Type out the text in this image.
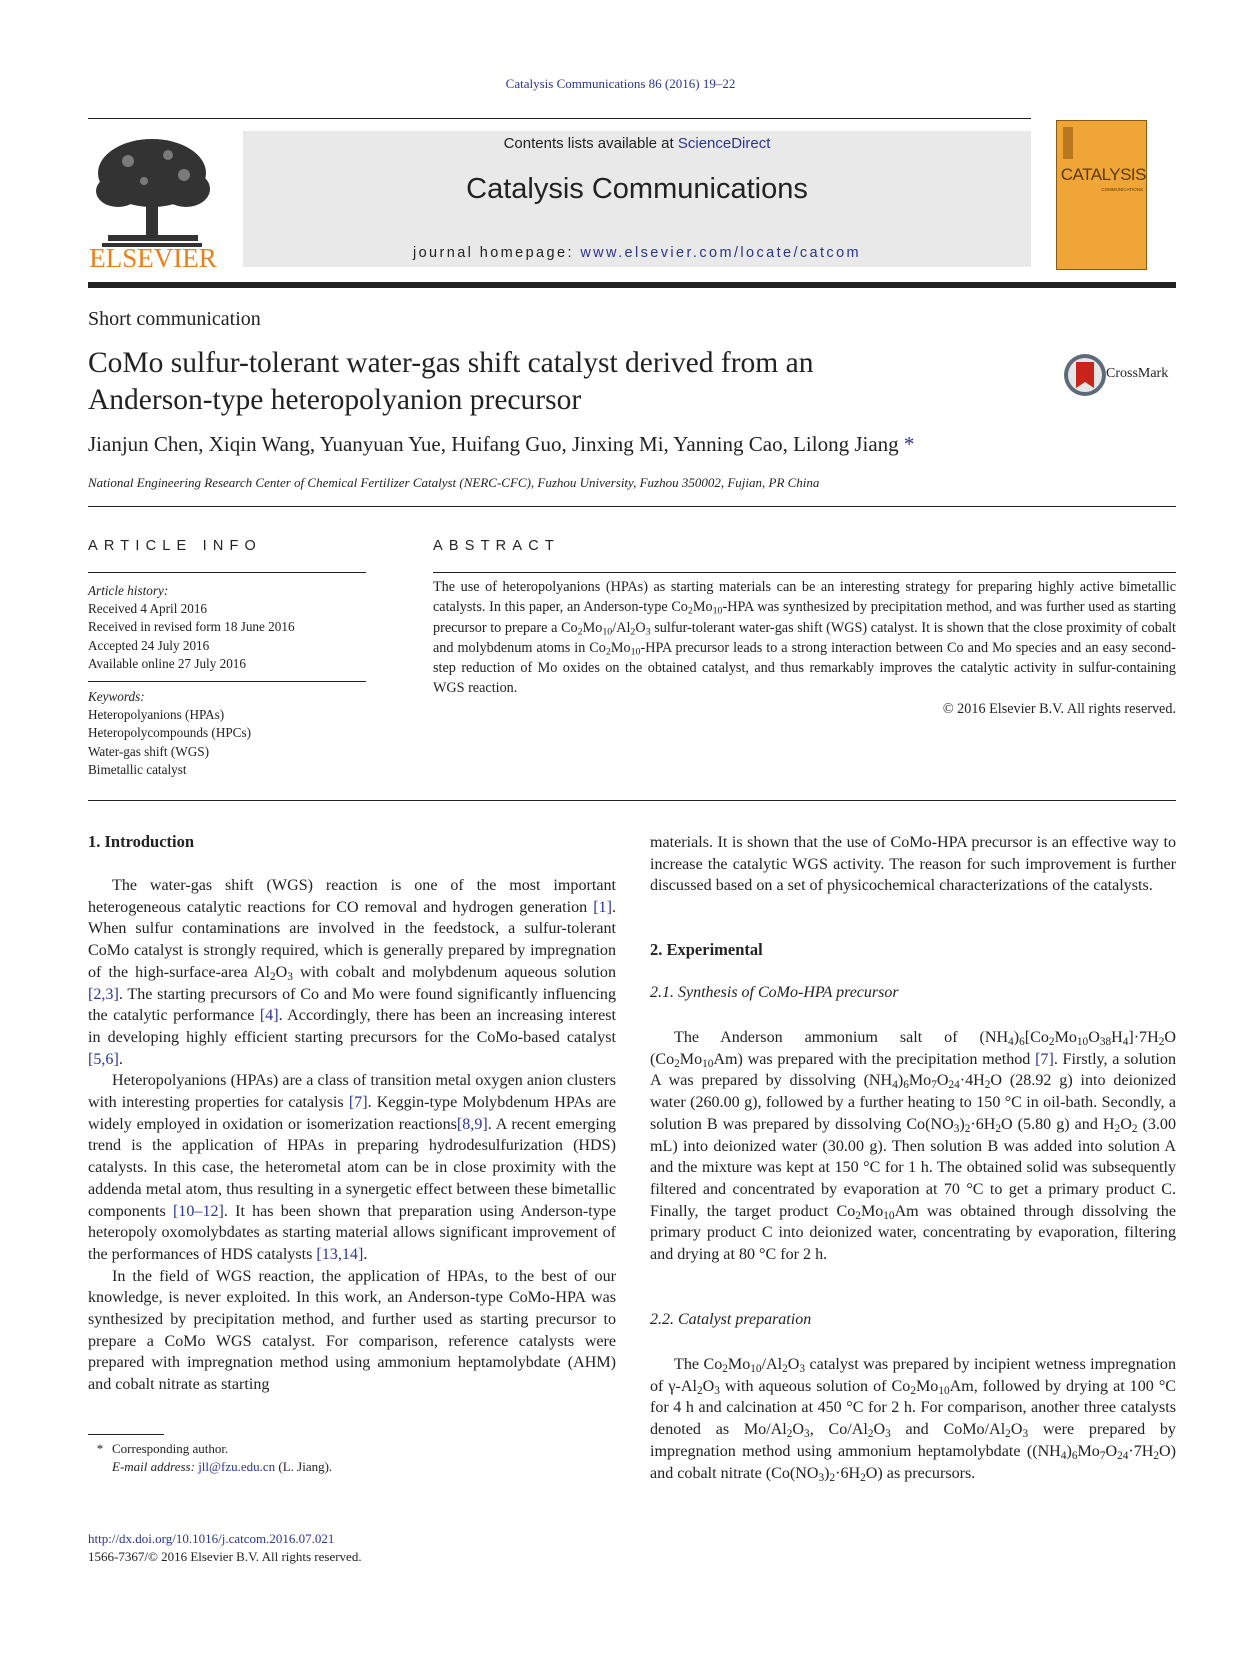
Catalysis Communications 86 (2016) 19–22
ELSEVIER
Contents lists available at ScienceDirect
Catalysis Communications
journal homepage: www.elsevier.com/locate/catcom
CATALYSIS
COMMUNICATIONS
Short communication
CoMo sulfur-tolerant water-gas shift catalyst derived from an
Anderson-type heteropolyanion precursor
CrossMark
Jianjun Chen, Xiqin Wang, Yuanyuan Yue, Huifang Guo, Jinxing Mi, Yanning Cao, Lilong Jiang *
National Engineering Research Center of Chemical Fertilizer Catalyst (NERC-CFC), Fuzhou University, Fuzhou 350002, Fujian, PR China
ARTICLE INFO
Article history:
Received 4 April 2016
Received in revised form 18 June 2016
Accepted 24 July 2016
Available online 27 July 2016
Keywords:
Heteropolyanions (HPAs)
Heteropolycompounds (HPCs)
Water-gas shift (WGS)
Bimetallic catalyst
ABSTRACT
The use of heteropolyanions (HPAs) as starting materials can be an interesting strategy for preparing highly active bimetallic catalysts. In this paper, an Anderson-type $Co_2Mo_{10}$-HPA was synthesized by precipitation method, and was further used as starting precursor to prepare a $Co_2Mo_{10}/Al_2O_3$ sulfur-tolerant water-gas shift (WGS) catalyst. It is shown that the close proximity of cobalt and molybdenum atoms in $Co_2Mo_{10}$-HPA precursor leads to a strong interaction between Co and Mo species and an easy second-step reduction of Mo oxides on the obtained catalyst, and thus remarkably improves the catalytic activity in sulfur-containing WGS reaction.
© 2016 Elsevier B.V. All rights reserved.
1. Introduction

The water-gas shift (WGS) reaction is one of the most important heterogeneous catalytic reactions for CO removal and hydrogen generation [1]. When sulfur contaminations are involved in the feedstock, a sulfur-tolerant CoMo catalyst is strongly required, which is generally prepared by impregnation of the high-surface-area $Al_2O_3$ with cobalt and molybdenum aqueous solution [2,3]. The starting precursors of Co and Mo were found significantly influencing the catalytic performance [4]. Accordingly, there has been an increasing interest in developing highly efficient starting precursors for the CoMo-based catalyst [5,6].

Heteropolyanions (HPAs) are a class of transition metal oxygen anion clusters with interesting properties for catalysis [7]. Keggin-type Molybdenum HPAs are widely employed in oxidation or isomerization reactions[8,9]. A recent emerging trend is the application of HPAs in preparing hydrodesulfurization (HDS) catalysts. In this case, the heterometal atom can be in close proximity with the addenda metal atom, thus resulting in a synergetic effect between these bimetallic components [10–12]. It has been shown that preparation using Anderson-type heteropoly oxomolybdates as starting material allows significant improvement of the performances of HDS catalysts [13,14].

In the field of WGS reaction, the application of HPAs, to the best of our knowledge, is never exploited. In this work, an Anderson-type CoMo-HPA was synthesized by precipitation method, and further used as starting precursor to prepare a CoMo WGS catalyst. For comparison, reference catalysts were prepared with impregnation method using ammonium heptamolybdate (AHM) and cobalt nitrate as starting

* Corresponding author.
E-mail address: jll@fzu.edu.cn (L. Jiang).
http://dx.doi.org/10.1016/j.catcom.2016.07.021
1566-7367/© 2016 Elsevier B.V. All rights reserved.

materials. It is shown that the use of CoMo-HPA precursor is an effective way to increase the catalytic WGS activity. The reason for such improvement is further discussed based on a set of physicochemical characterizations of the catalysts.

2. Experimental
2.1. Synthesis of CoMo-HPA precursor

The Anderson ammonium salt of $(NH_4)_6[Co_2Mo_{10}O_{38}H_4]\cdot 7H_2O$ $(Co_2Mo_{10}Am)$ was prepared with the precipitation method [7]. Firstly, a solution A was prepared by dissolving $(NH_4)_6Mo_7O_{24}\cdot 4H_2O$ (28.92 g) into deionized water (260.00 g), followed by a further heating to 150 °C in oil-bath. Secondly, a solution B was prepared by dissolving $Co(NO_3)_2\cdot 6H_2O$ (5.80 g) and $H_2O_2$ (3.00 mL) into deionized water (30.00 g). Then solution B was added into solution A and the mixture was kept at 150 °C for 1 h. The obtained solid was subsequently filtered and concentrated by evaporation at 70 °C to get a primary product C. Finally, the target product $Co_2Mo_{10}Am$ was obtained through dissolving the primary product C into deionized water, concentrating by evaporation, filtering and drying at 80 °C for 2 h.

2.2. Catalyst preparation

The $Co_2Mo_{10}/Al_2O_3$ catalyst was prepared by incipient wetness impregnation of $\gamma-Al_2O_3$ with aqueous solution of $Co_2Mo_{10}Am$, followed by drying at 100 °C for 4 h and calcination at 450 °C for 2 h. For comparison, another three catalysts denoted as $Mo/Al_2O_3$, $Co/Al_2O_3$ and CoMo/$Al_2O_3$ were prepared by impregnation method using ammonium heptamolybdate $((NH_4)_6Mo_7O_{24}\cdot 7H_2O)$ and cobalt nitrate $(Co(NO_3)_2\cdot 6H_2O)$ as precursors.
